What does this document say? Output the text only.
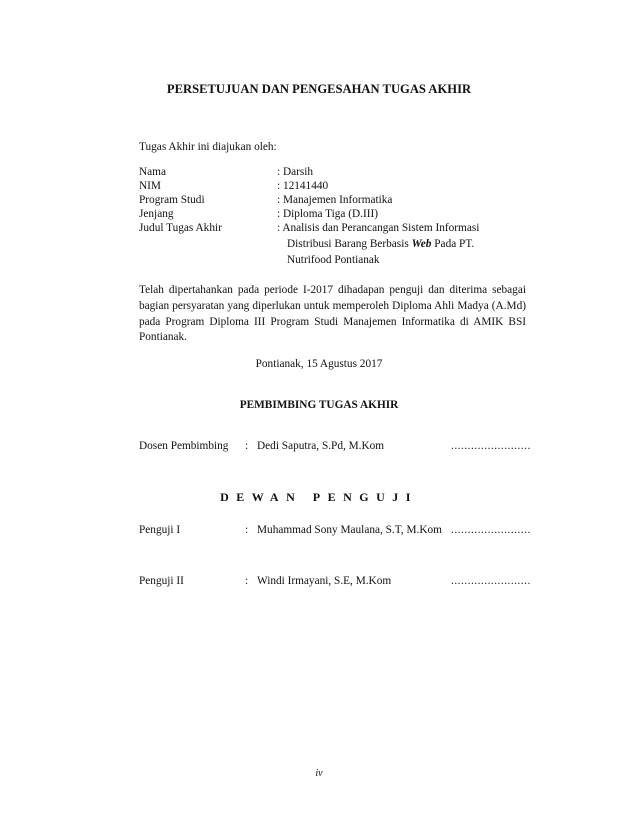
PERSETUJUAN DAN PENGESAHAN TUGAS AKHIR
Tugas Akhir ini diajukan oleh:
Nama	: Darsih
NIM	: 12141440
Program Studi	: Manajemen Informatika
Jenjang	: Diploma Tiga (D.III)
Judul Tugas Akhir	: Analisis dan Perancangan Sistem Informasi
Distribusi Barang Berbasis Web Pada PT.
Nutrifood Pontianak
Telah dipertahankan pada periode I-2017 dihadapan penguji dan diterima sebagai bagian persyaratan yang diperlukan untuk memperoleh Diploma Ahli Madya (A.Md) pada Program Diploma III Program Studi Manajemen Informatika di AMIK BSI Pontianak.
Pontianak, 15 Agustus 2017
PEMBIMBING TUGAS AKHIR
Dosen Pembimbing : Dedi Saputra, S.Pd, M.Kom	........................
DEWAN PENGUJI
Penguji I	: Muhammad Sony Maulana, S.T, M.Kom ........................
Penguji II	: Windi Irmayani, S.E, M.Kom	........................
iv
